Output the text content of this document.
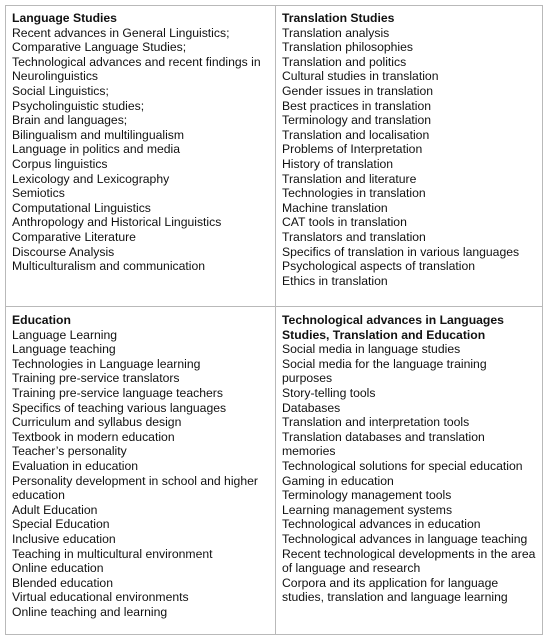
Language Studies

Recent advances in General Linguistics;
Comparative Language Studies;
Technological advances and recent findings in Neurolinguistics
Social Linguistics;
Psycholinguistic studies;
Brain and languages;
Bilingualism and multilingualism
Language in politics and media
Corpus linguistics
Lexicology and Lexicography
Semiotics
Computational Linguistics
Anthropology and Historical Linguistics
Comparative Literature
Discourse Analysis
Multiculturalism and communication

Translation Studies

Translation analysis
Translation philosophies
Translation and politics
Cultural studies in translation
Gender issues in translation
Best practices in translation
Terminology and translation
Translation and localisation
Problems of Interpretation
History of translation
Translation and literature
Technologies in translation
Machine translation
CAT tools in translation
Translators and translation
Specifics of translation in various languages
Psychological aspects of translation
Ethics in translation

Education

Language Learning
Language teaching
Technologies in Language learning
Training pre-service translators
Training pre-service language teachers
Specifics of teaching various languages
Curriculum and syllabus design
Textbook in modern education
Teacher’s personality
Evaluation in education
Personality development in school and higher education
Adult Education
Special Education
Inclusive education
Teaching in multicultural environment
Online education
Blended education
Virtual educational environments
Online teaching and learning

Technological advances in Languages Studies, Translation and Education

Social media in language studies
Social media for the language training purposes
Story-telling tools
Databases
Translation and interpretation tools
Translation databases and translation memories
Technological solutions for special education
Gaming in education
Terminology management tools
Learning management systems
Technological advances in education
Technological advances in language teaching
Recent technological developments in the area of language and research
Corpora and its application for language studies, translation and language learning
